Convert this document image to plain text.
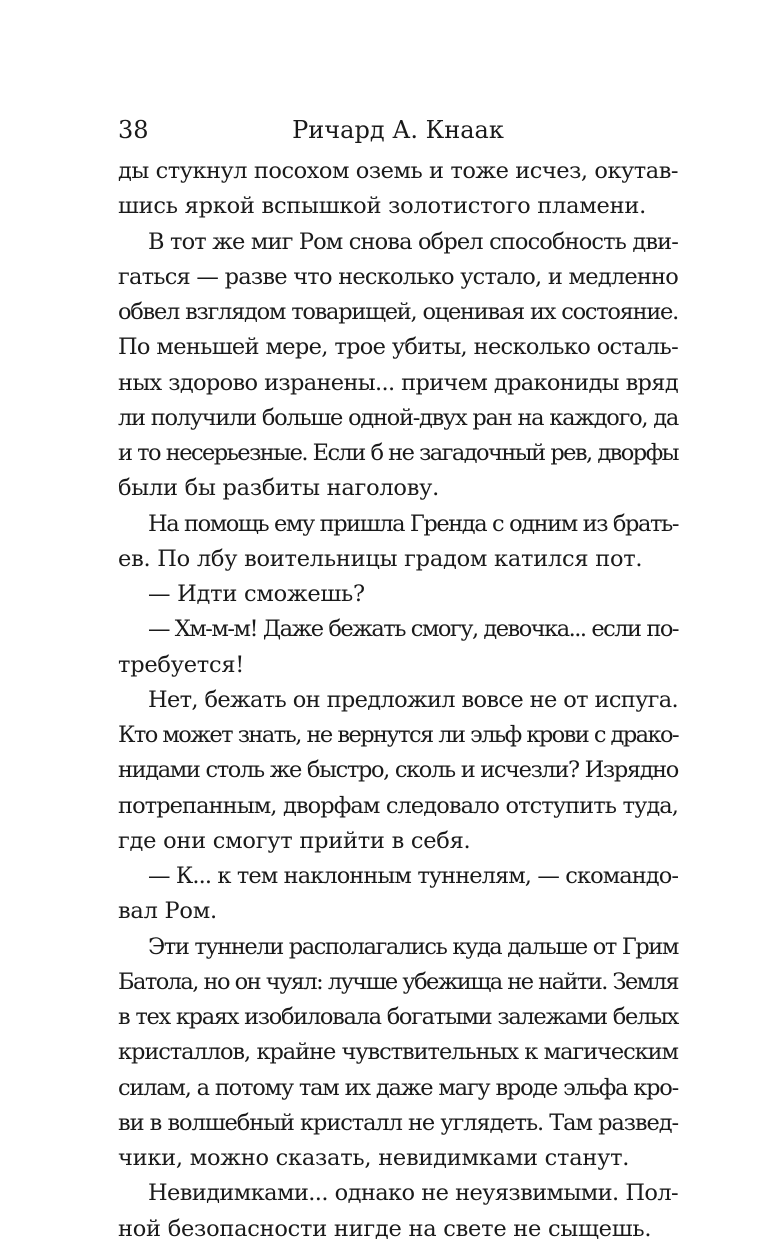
38	Ричард А. Кнаак
ды стукнул посохом оземь и тоже исчез, окутав-
шись яркой вспышкой золотистого пламени.
В тот же миг Ром снова обрел способность дви-
гаться — разве что несколько устало, и медленно
обвел взглядом товарищей, оценивая их состояние.
По меньшей мере, трое убиты, несколько осталь-
ных здорово изранены... причем дракониды вряд
ли получили больше одной-двух ран на каждого, да
и то несерьезные. Если б не загадочный рев, дворфы
были бы разбиты наголову.
На помощь ему пришла Гренда с одним из брать-
ев. По лбу воительницы градом катился пот.
— Идти сможешь?
— Хм-м-м! Даже бежать смогу, девочка... если по-
требуется!
Нет, бежать он предложил вовсе не от испуга.
Кто может знать, не вернутся ли эльф крови с драко-
нидами столь же быстро, сколь и исчезли? Изрядно
потрепанным, дворфам следовало отступить туда,
где они смогут прийти в себя.
— К... к тем наклонным туннелям, — скомандо-
вал Ром.
Эти туннели располагались куда дальше от Грим
Батола, но он чуял: лучше убежища не найти. Земля
в тех краях изобиловала богатыми залежами белых
кристаллов, крайне чувствительных к магическим
силам, а потому там их даже магу вроде эльфа кро-
ви в волшебный кристалл не углядеть. Там развед-
чики, можно сказать, невидимками станут.
Невидимками... однако не неуязвимыми. Пол-
ной безопасности нигде на свете не сыщешь.
